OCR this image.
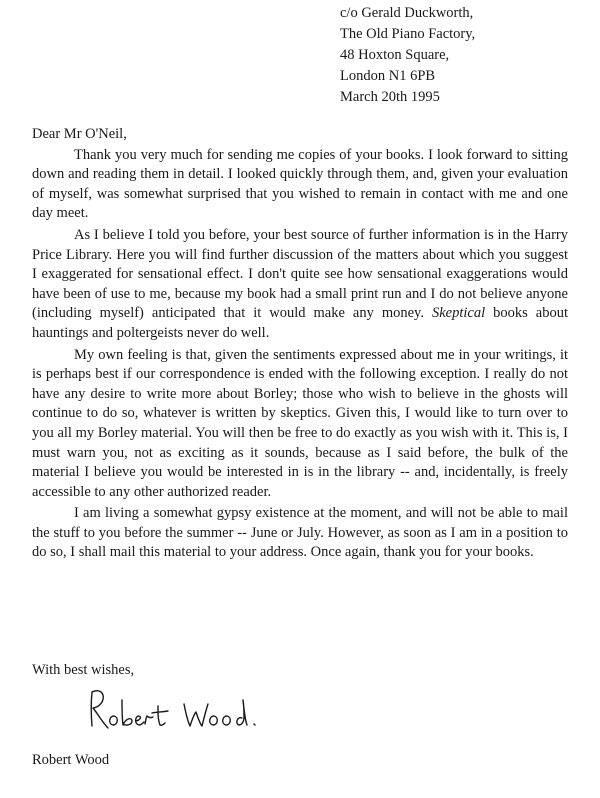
c/o Gerald Duckworth,
The Old Piano Factory,
48 Hoxton Square,
London N1 6PB
March 20th 1995

Dear Mr O'Neil,

Thank you very much for sending me copies of your books. I look forward to sitting down and reading them in detail. I looked quickly through them, and, given your evaluation of myself, was somewhat surprised that you wished to remain in contact with me and one day meet.

As I believe I told you before, your best source of further information is in the Harry Price Library. Here you will find further discussion of the matters about which you suggest I exaggerated for sensational effect. I don't quite see how sensational exaggerations would have been of use to me, because my book had a small print run and I do not believe anyone (including myself) anticipated that it would make any money. Skeptical books about hauntings and poltergeists never do well.

My own feeling is that, given the sentiments expressed about me in your writings, it is perhaps best if our correspondence is ended with the following exception. I really do not have any desire to write more about Borley; those who wish to believe in the ghosts will continue to do so, whatever is written by skeptics. Given this, I would like to turn over to you all my Borley material. You will then be free to do exactly as you wish with it. This is, I must warn you, not as exciting as it sounds, because as I said before, the bulk of the material I believe you would be interested in is in the library -- and, incidentally, is freely accessible to any other authorized reader.

I am living a somewhat gypsy existence at the moment, and will not be able to mail the stuff to you before the summer -- June or July. However, as soon as I am in a position to do so, I shall mail this material to your address. Once again, thank you for your books.

With best wishes,
Robert Wood
